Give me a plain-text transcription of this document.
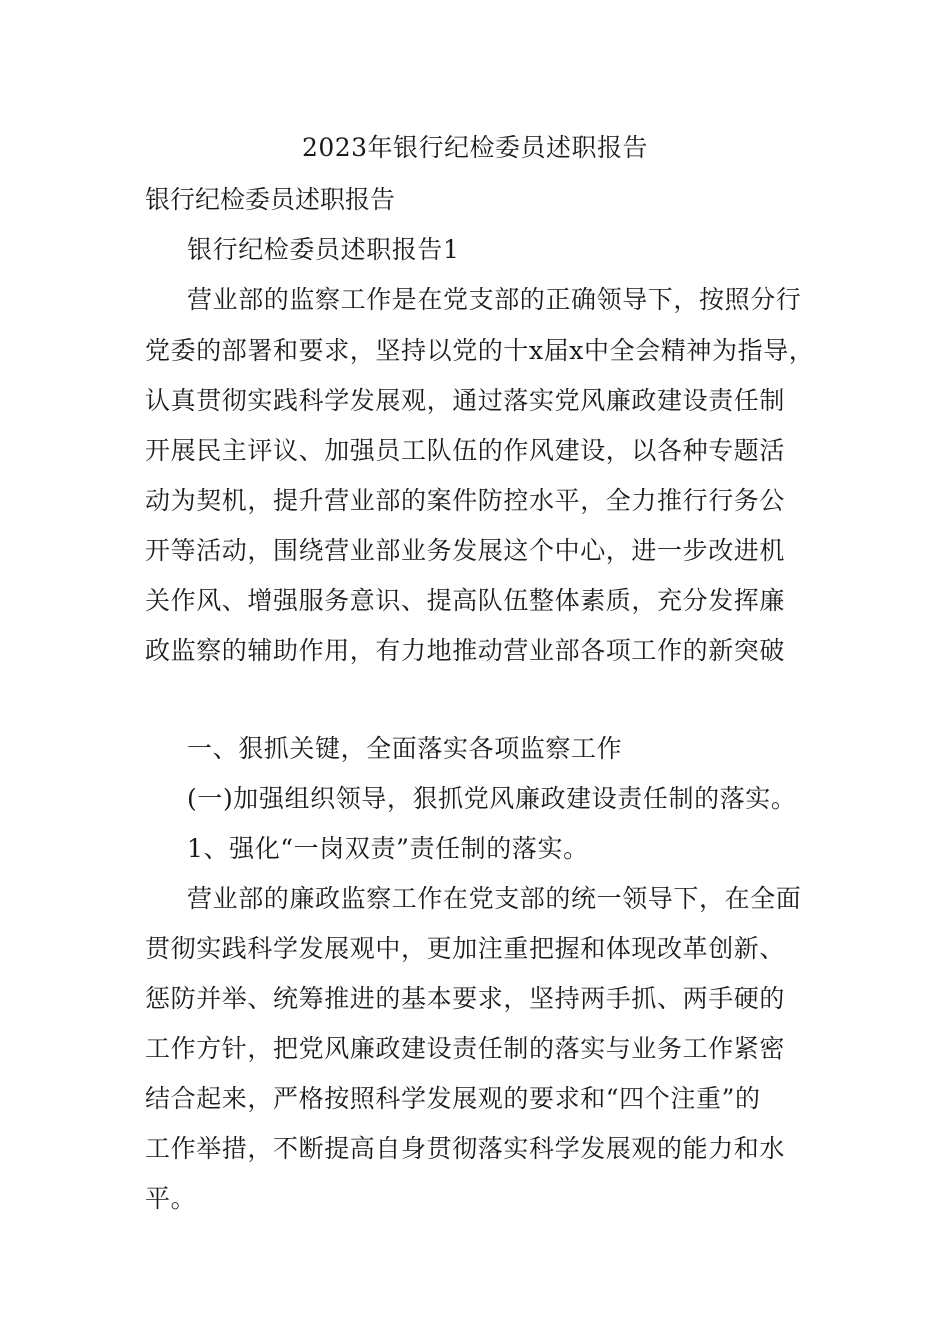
2023年银行纪检委员述职报告
银行纪检委员述职报告
银行纪检委员述职报告1
营业部的监察工作是在党支部的正确领导下，按照分行
党委的部署和要求，坚持以党的十x届x中全会精神为指导，
认真贯彻实践科学发展观，通过落实党风廉政建设责任制
开展民主评议、加强员工队伍的作风建设，以各种专题活
动为契机，提升营业部的案件防控水平，全力推行行务公
开等活动，围绕营业部业务发展这个中心，进一步改进机
关作风、增强服务意识、提高队伍整体素质，充分发挥廉
政监察的辅助作用，有力地推动营业部各项工作的新突破
一、狠抓关键，全面落实各项监察工作
(一)加强组织领导，狠抓党风廉政建设责任制的落实。
1、强化“一岗双责”责任制的落实。
营业部的廉政监察工作在党支部的统一领导下，在全面
贯彻实践科学发展观中，更加注重把握和体现改革创新、
惩防并举、统筹推进的基本要求，坚持两手抓、两手硬的
工作方针，把党风廉政建设责任制的落实与业务工作紧密
结合起来，严格按照科学发展观的要求和“四个注重”的
工作举措，不断提高自身贯彻落实科学发展观的能力和水
平。
